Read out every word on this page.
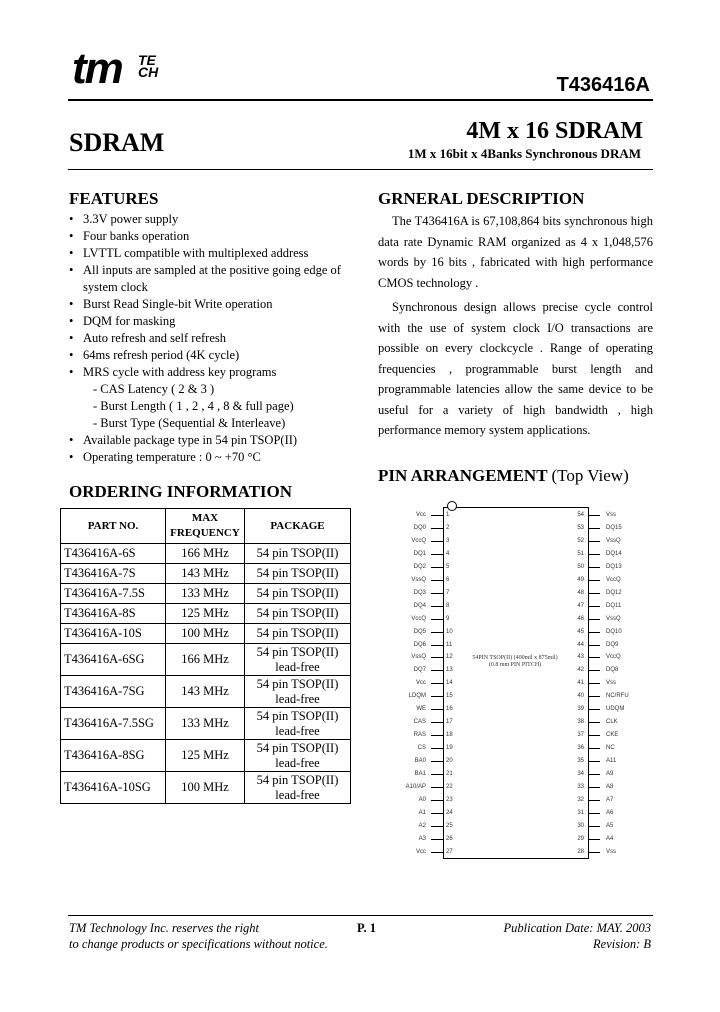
tm TE
CH
T436416A
SDRAM	4M x 16 SDRAM
1M x 16bit x 4Banks Synchronous DRAM
FEATURES
• 3.3V power supply
• Four banks operation
• LVTTL compatible with multiplexed address
• All inputs are sampled at the positive going edge of system clock
• Burst Read Single-bit Write operation
• DQM for masking
• Auto refresh and self refresh
• 64ms refresh period (4K cycle)
• MRS cycle with address key programs
- CAS Latency ( 2 & 3 )
- Burst Length ( 1 , 2 , 4 , 8 & full page)
- Burst Type (Sequential & Interleave)
• Available package type in 54 pin TSOP(II)
• Operating temperature : 0 ~ +70 °C
ORDERING INFORMATION
PART NO.	MAX FREQUENCY	PACKAGE
T436416A-6S	166 MHz	54 pin TSOP(II)
T436416A-7S	143 MHz	54 pin TSOP(II)
T436416A-7.5S	133 MHz	54 pin TSOP(II)
T436416A-8S	125 MHz	54 pin TSOP(II)
T436416A-10S	100 MHz	54 pin TSOP(II)
T436416A-6SG	166 MHz	54 pin TSOP(II) lead-free
T436416A-7SG	143 MHz	54 pin TSOP(II) lead-free
T436416A-7.5SG	133 MHz	54 pin TSOP(II) lead-free
T436416A-8SG	125 MHz	54 pin TSOP(II) lead-free
T436416A-10SG	100 MHz	54 pin TSOP(II) lead-free
GRNERAL DESCRIPTION
The T436416A is 67,108,864 bits synchronous high data rate Dynamic RAM organized as 4 x 1,048,576 words by 16 bits , fabricated with high performance CMOS technology .
Synchronous design allows precise cycle control with the use of system clock I/O transactions are possible on every clockcycle . Range of operating frequencies , programmable burst length and programmable latencies allow the same device to be useful for a variety of high bandwidth , high performance memory system applications.
PIN ARRANGEMENT (Top View)
54PIN TSOP(II) (400mil x 875mil) (0.8 mm PIN PITCH)
Vcc	1
DQ0	2
VccQ	3
DQ1	4
DQ2	5
VssQ	6
DQ3	7
DQ4	8
VccQ	9
DQ5	10
DQ6	11
VssQ	12
DQ7	13
Vcc	14
LDQM	15
WE	16
CAS	17
RAS	18
CS	19
BA0	20
BA1	21
A10/AP	22
A0	23
A1	24
A2	25
A3	26
Vcc	27
Vss
54
DQ15
53
VssQ
52
DQ14
51
DQ13
50
VccQ
49
DQ12
48
DQ11
47
VssQ
46
DQ10
45
DQ9
44
VccQ
43
DQ8
42
Vss
41
NC/RFU
40
UDQM
39
CLK
38
CKE
37
NC
36
A11
35
A9
34
A8
33
A7
32
A6
31
A5
30
A4
29
Vss
28
TM Technology Inc. reserves the right
to change products or specifications without notice.
P. 1	Publication Date: MAY. 2003
Revision: B
